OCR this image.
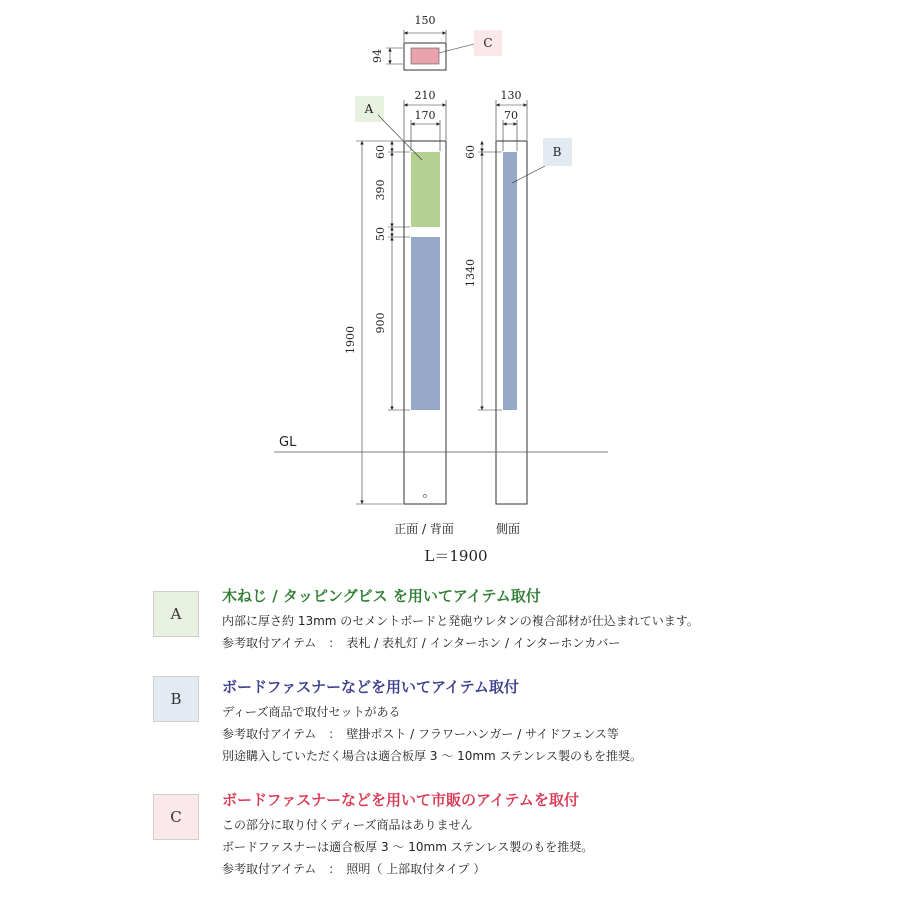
150
94
C
210
170
60
390
50
900
1900
A
130
70
60
1340
B
GL
正面 / 背面	側面
L＝1900
A
木ねじ / タッピングビス を用いてアイテム取付
内部に厚さ約 13mm のセメントボードと発砲ウレタンの複合部材が仕込まれています。
参考取付アイテム　：　表札 / 表札灯 / インターホン / インターホンカバー
B
ボードファスナーなどを用いてアイテム取付
ディーズ商品で取付セットがある
参考取付アイテム　：　壁掛ポスト / フラワーハンガー / サイドフェンス等
別途購入していただく場合は適合板厚 3 ～ 10mm ステンレス製のもを推奨。
C
ボードファスナーなどを用いて市販のアイテムを取付
この部分に取り付くディーズ商品はありません
ボードファスナーは適合板厚 3 ～ 10mm ステンレス製のもを推奨。
参考取付アイテム　：　照明（ 上部取付タイプ ）
